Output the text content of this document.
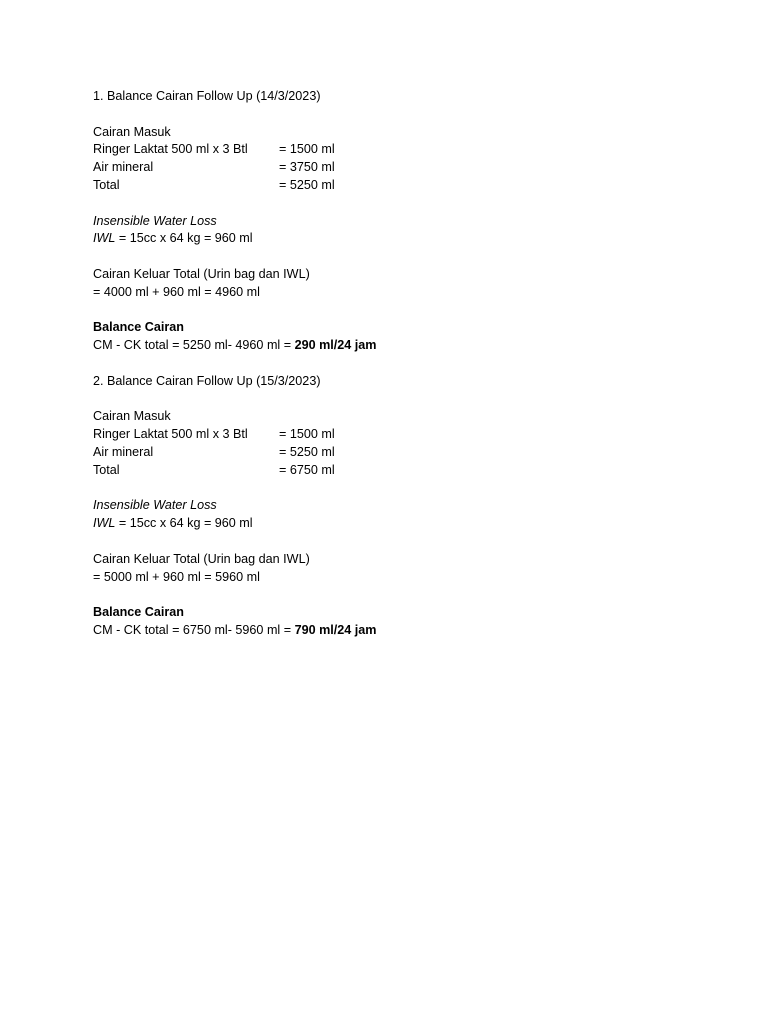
1. Balance Cairan Follow Up (14/3/2023)
Cairan Masuk
Ringer Laktat 500 ml x 3 Btl	= 1500 ml
Air mineral	= 3750 ml
Total	= 5250 ml
Insensible Water Loss
IWL = 15cc x 64 kg = 960 ml
Cairan Keluar Total (Urin bag dan IWL)
= 4000 ml + 960 ml = 4960 ml
Balance Cairan
CM - CK total = 5250 ml- 4960 ml = 290 ml/24 jam
2. Balance Cairan Follow Up (15/3/2023)
Cairan Masuk
Ringer Laktat 500 ml x 3 Btl	= 1500 ml
Air mineral	= 5250 ml
Total	= 6750 ml
Insensible Water Loss
IWL = 15cc x 64 kg = 960 ml
Cairan Keluar Total (Urin bag dan IWL)
= 5000 ml + 960 ml = 5960 ml
Balance Cairan
CM - CK total = 6750 ml- 5960 ml = 790 ml/24 jam
